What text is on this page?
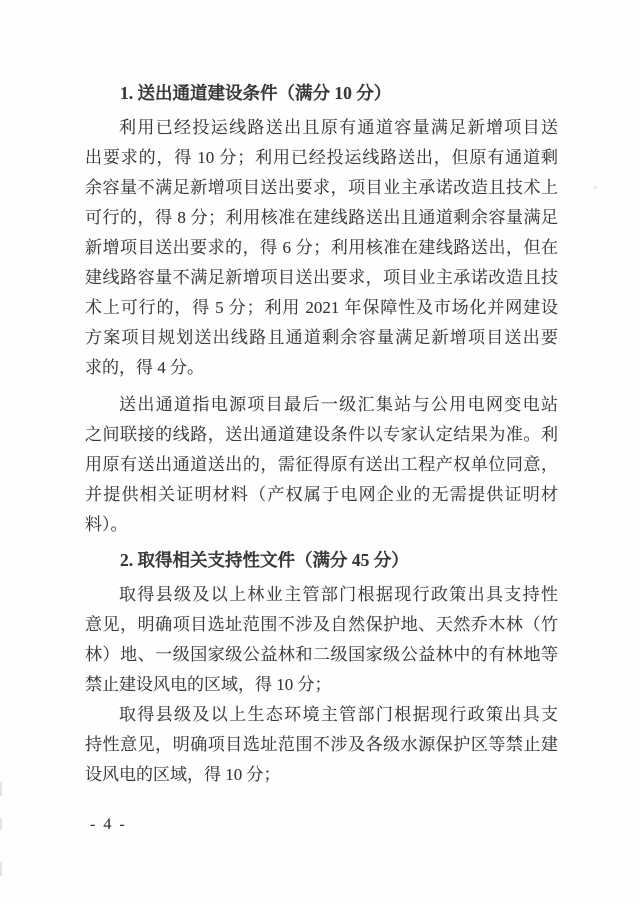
1. 送出通道建设条件（满分 10 分）
利用已经投运线路送出且原有通道容量满足新增项目送
出要求的，得 10 分；利用已经投运线路送出，但原有通道剩
余容量不满足新增项目送出要求，项目业主承诺改造且技术上
可行的，得 8 分；利用核准在建线路送出且通道剩余容量满足
新增项目送出要求的，得 6 分；利用核准在建线路送出，但在
建线路容量不满足新增项目送出要求，项目业主承诺改造且技
术上可行的，得 5 分；利用 2021 年保障性及市场化并网建设
方案项目规划送出线路且通道剩余容量满足新增项目送出要
求的，得 4 分。
送出通道指电源项目最后一级汇集站与公用电网变电站
之间联接的线路，送出通道建设条件以专家认定结果为准。利
用原有送出通道送出的，需征得原有送出工程产权单位同意，
并提供相关证明材料（产权属于电网企业的无需提供证明材
料）。
2. 取得相关支持性文件（满分 45 分）
取得县级及以上林业主管部门根据现行政策出具支持性
意见，明确项目选址范围不涉及自然保护地、天然乔木林（竹
林）地、一级国家级公益林和二级国家级公益林中的有林地等
禁止建设风电的区域，得 10 分；
取得县级及以上生态环境主管部门根据现行政策出具支
持性意见，明确项目选址范围不涉及各级水源保护区等禁止建
设风电的区域，得 10 分；
- 4 -
